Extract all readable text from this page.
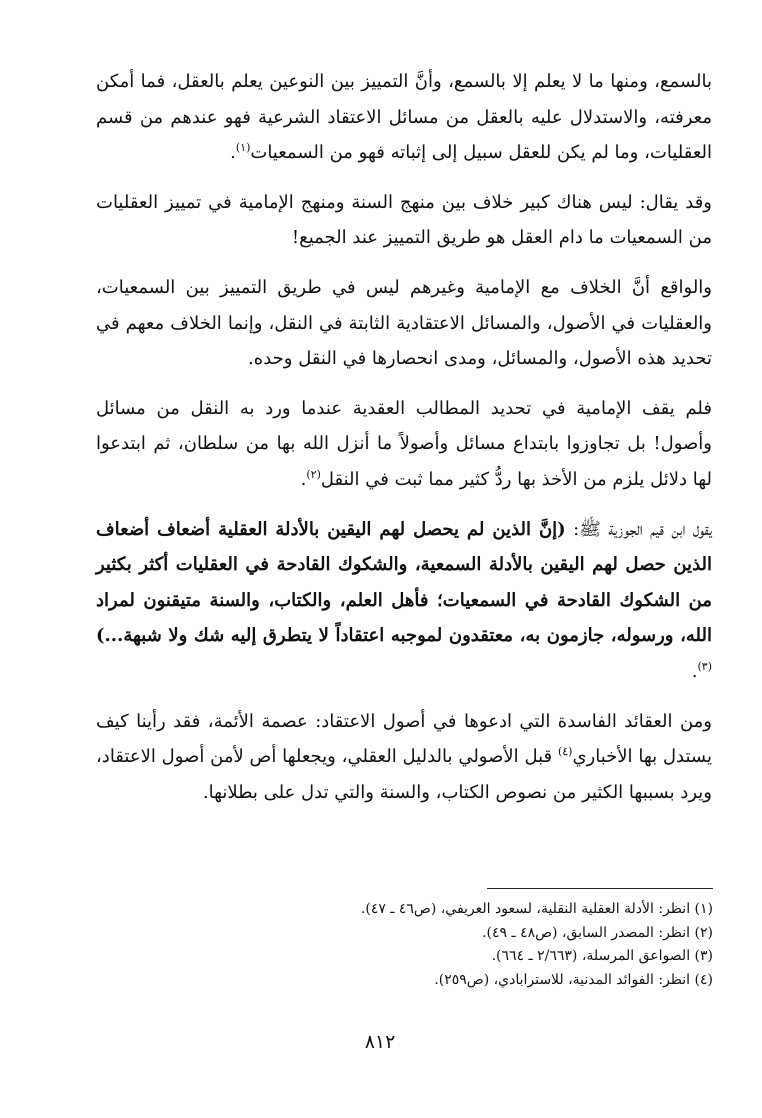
بالسمع، ومنها ما لا يعلم إلا بالسمع، وأنَّ التمييز بين النوعين يعلم بالعقل، فما أمكن معرفته، والاستدلال عليه بالعقل من مسائل الاعتقاد الشرعية فهو عندهم من قسم العقليات، وما لم يكن للعقل سبيل إلى إثباته فهو من السمعيات$^{(١)}$.

وقد يقال: ليس هناك كبير خلاف بين منهج السنة ومنهج الإمامية في تمييز العقليات من السمعيات ما دام العقل هو طريق التمييز عند الجميع!

والواقع أنَّ الخلاف مع الإمامية وغيرهم ليس في طريق التمييز بين السمعيات، والعقليات في الأصول، والمسائل الاعتقادية الثابتة في النقل، وإنما الخلاف معهم في تحديد هذه الأصول، والمسائل، ومدى انحصارها في النقل وحده.

فلم يقف الإمامية في تحديد المطالب العقدية عندما ورد به النقل من مسائل وأصول! بل تجاوزوا بابتداع مسائل وأصولاً ما أنزل الله بها من سلطان، ثم ابتدعوا لها دلائل يلزم من الأخذ بها ردُّ كثير مما ثبت في النقل$^{(٢)}$.

يقول ابن قيم الجوزية ﷺ: (إنَّ الذين لم يحصل لهم اليقين بالأدلة العقلية أضعاف أضعاف الذين حصل لهم اليقين بالأدلة السمعية، والشكوك القادحة في العقليات أكثر بكثير من الشكوك القادحة في السمعيات؛ فأهل العلم، والكتاب، والسنة متيقنون لمراد الله، ورسوله، جازمون به، معتقدون لموجبه اعتقاداً لا يتطرق إليه شك ولا شبهة...)$^{(٣)}$.

ومن العقائد الفاسدة التي ادعوها في أصول الاعتقاد: عصمة الأئمة، فقد رأينا كيف يستدل بها الأخباري$^{(٤)}$ قبل الأصولي بالدليل العقلي، ويجعلها أص لأمن أصول الاعتقاد، ويرد بسببها الكثير من نصوص الكتاب، والسنة والتي تدل على بطلانها.

(١) انظر: الأدلة العقلية النقلية، لسعود العريفي، (ص٤٦ ـ ٤٧).

(٢) انظر: المصدر السابق، (ص٤٨ ـ ٤٩).

(٣) الصواعق المرسلة، (٢/٦٦٣ ـ ٦٦٤).

(٤) انظر: الفوائد المدنية، للاسترابادي، (ص٢٥٩).

٨١٢
